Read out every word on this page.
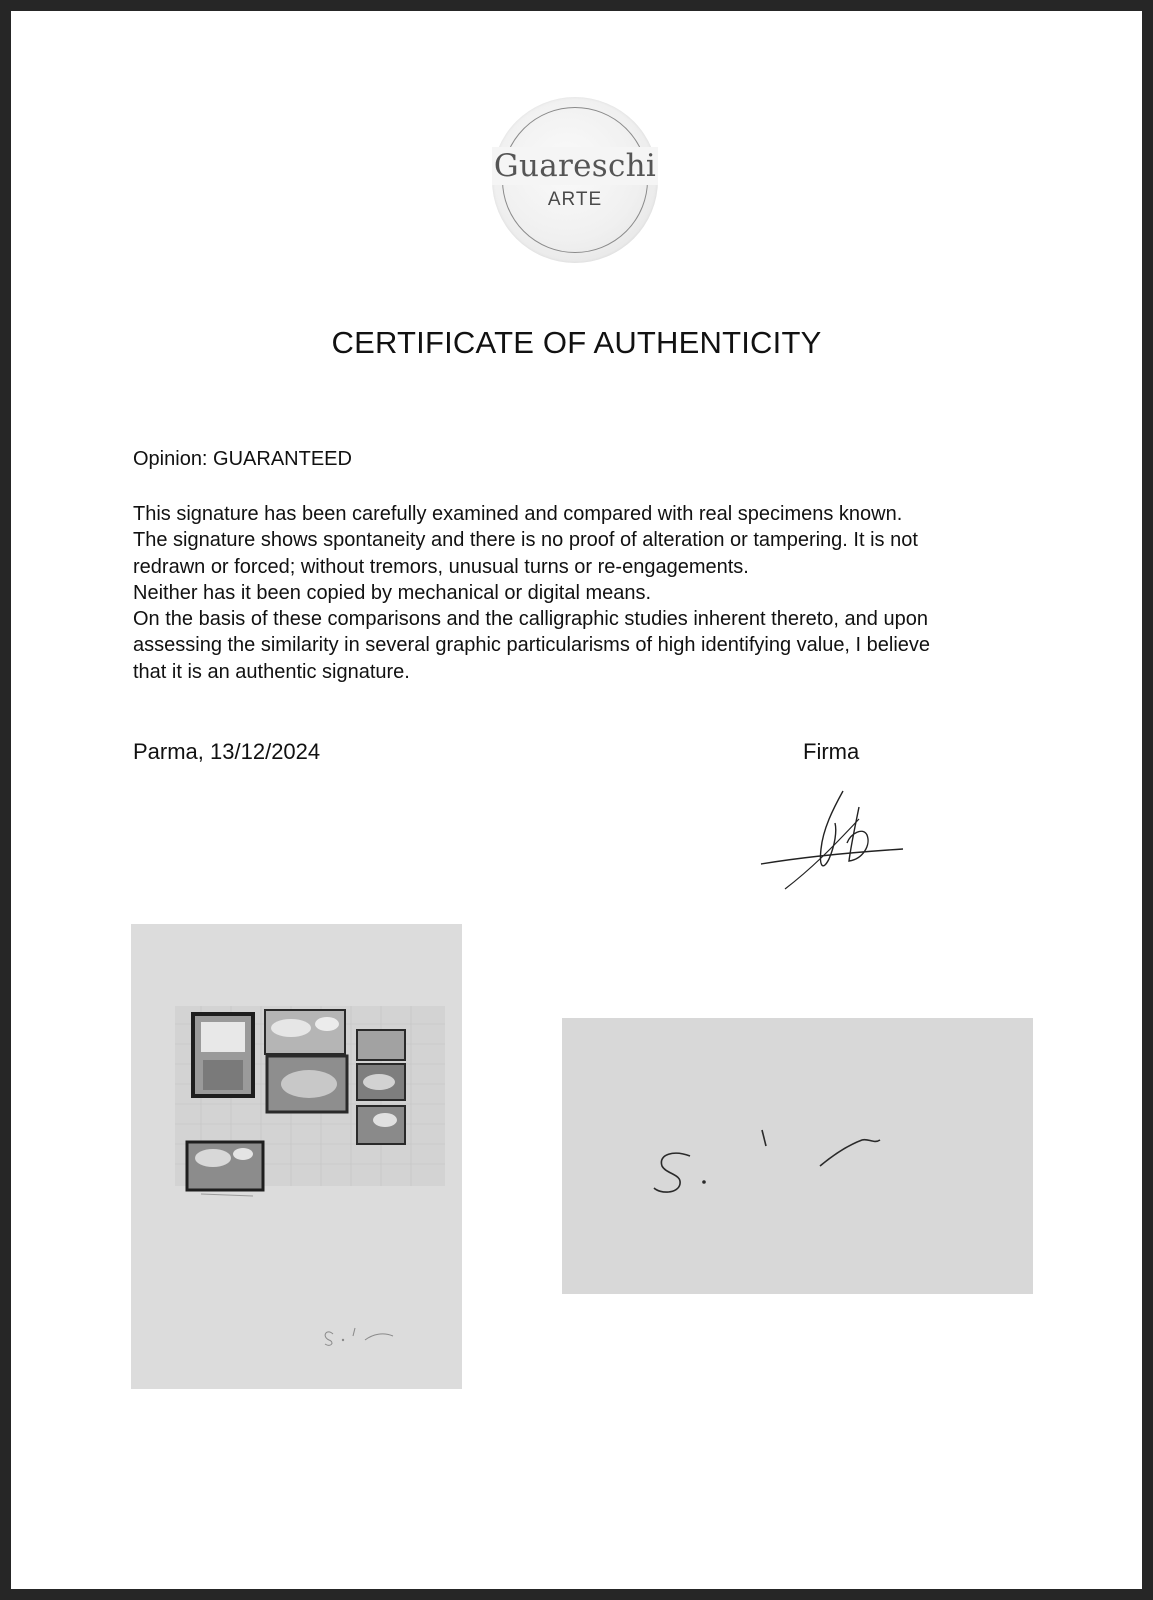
Guareschi
ARTE
CERTIFICATE OF AUTHENTICITY
Opinion: GUARANTEED
This signature has been carefully examined and compared with real specimens known.
The signature shows spontaneity and there is no proof of alteration or tampering. It is not
redrawn or forced; without tremors, unusual turns or re-engagements.
Neither has it been copied by mechanical or digital means.
On the basis of these comparisons and the calligraphic studies inherent thereto, and upon
assessing the similarity in several graphic particularisms of high identifying value, I believe
that it is an authentic signature.
Parma, 13/12/2024	Firma
